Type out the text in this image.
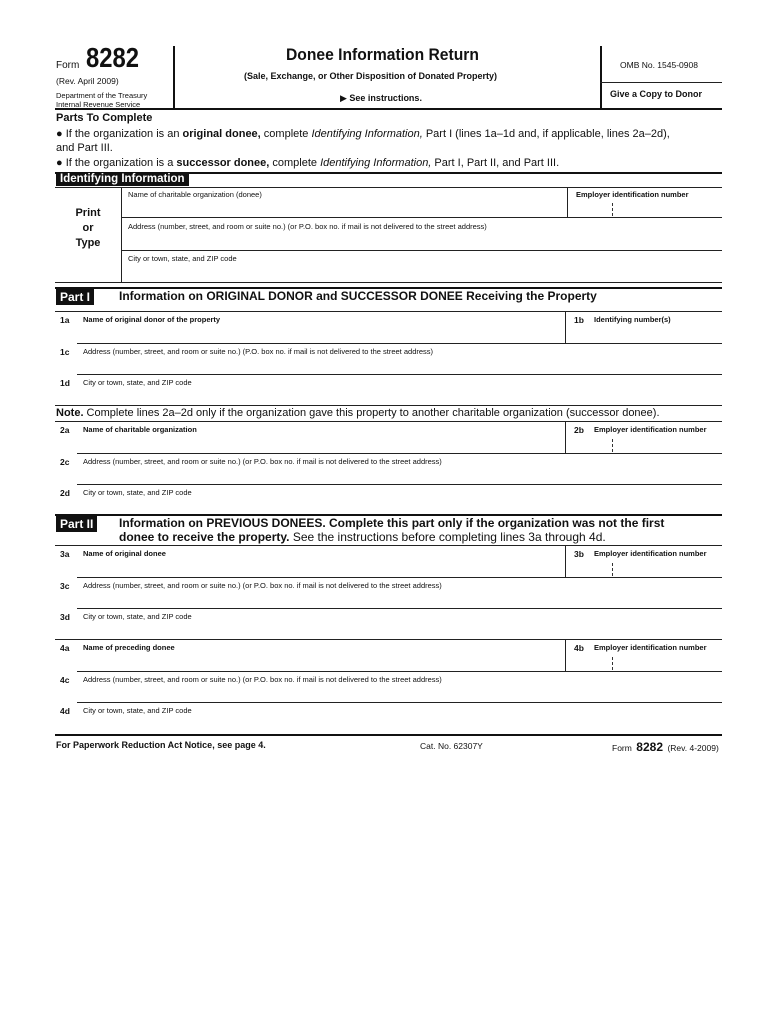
Form 8282
(Rev. April 2009)
Department of the Treasury
Internal Revenue Service
Donee Information Return
(Sale, Exchange, or Other Disposition of Donated Property)
▶ See instructions.
OMB No. 1545-0908
Give a Copy to Donor
Parts To Complete
● If the organization is an original donee, complete Identifying Information, Part I (lines 1a–1d and, if applicable, lines 2a–2d),
and Part III.
● If the organization is a successor donee, complete Identifying Information, Part I, Part II, and Part III.
Identifying Information
Print
or
Type
Name of charitable organization (donee)	Employer identification number
Address (number, street, and room or suite no.) (or P.O. box no. if mail is not delivered to the street address)
City or town, state, and ZIP code
Part I	Information on ORIGINAL DONOR and SUCCESSOR DONEE Receiving the Property
1a Name of original donor of the property	1b Identifying number(s)
1c Address (number, street, and room or suite no.) (P.O. box no. if mail is not delivered to the street address)
1d City or town, state, and ZIP code
Note. Complete lines 2a–2d only if the organization gave this property to another charitable organization (successor donee).
2a Name of charitable organization	2b Employer identification number
2c Address (number, street, and room or suite no.) (or P.O. box no. if mail is not delivered to the street address)
2d City or town, state, and ZIP code
Part II	Information on PREVIOUS DONEES. Complete this part only if the organization was not the first
donee to receive the property. See the instructions before completing lines 3a through 4d.
3a Name of original donee	3b Employer identification number
3c Address (number, street, and room or suite no.) (or P.O. box no. if mail is not delivered to the street address)
3d City or town, state, and ZIP code
4a Name of preceding donee	4b Employer identification number
4c Address (number, street, and room or suite no.) (or P.O. box no. if mail is not delivered to the street address)
4d City or town, state, and ZIP code
For Paperwork Reduction Act Notice, see page 4.	Cat. No. 62307Y	Form 8282 (Rev. 4-2009)
